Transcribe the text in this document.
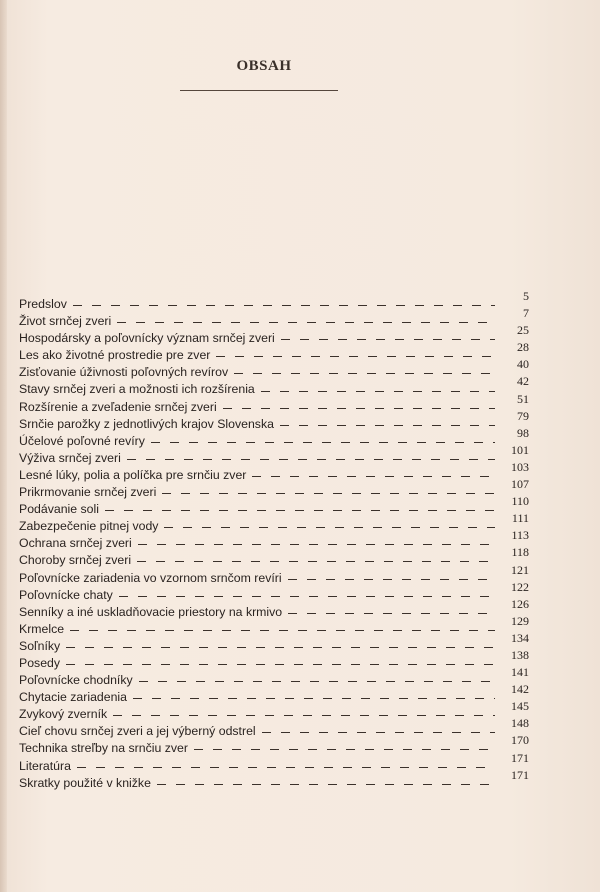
OBSAH
5
Predslov
7
Život srnčej zveri
25
Hospodársky a poľovnícky význam srnčej zveri
28
Les ako životné prostredie pre zver
40
Zisťovanie úživnosti poľovných revírov
42
Stavy srnčej zveri a možnosti ich rozšírenia
51
Rozšírenie a zveľadenie srnčej zveri
79
Srnčie parožky z jednotlivých krajov Slovenska
98
Účelové poľovné revíry
101
Výživa srnčej zveri
103
Lesné lúky, polia a políčka pre srnčiu zver
107
Prikrmovanie srnčej zveri
110
Podávanie soli
111
Zabezpečenie pitnej vody
113
Ochrana srnčej zveri
118
Choroby srnčej zveri
121
Poľovnícke zariadenia vo vzornom srnčom revíri
122
Poľovnícke chaty
126
Senníky a iné uskladňovacie priestory na krmivo
129
Krmelce
134
Soľníky
138
Posedy
141
Poľovnícke chodníky
142
Chytacie zariadenia
145
Zvykový zverník
148
Cieľ chovu srnčej zveri a jej výberný odstrel
170
Technika streľby na srnčiu zver
171
Literatúra
171
Skratky použité v knižke
